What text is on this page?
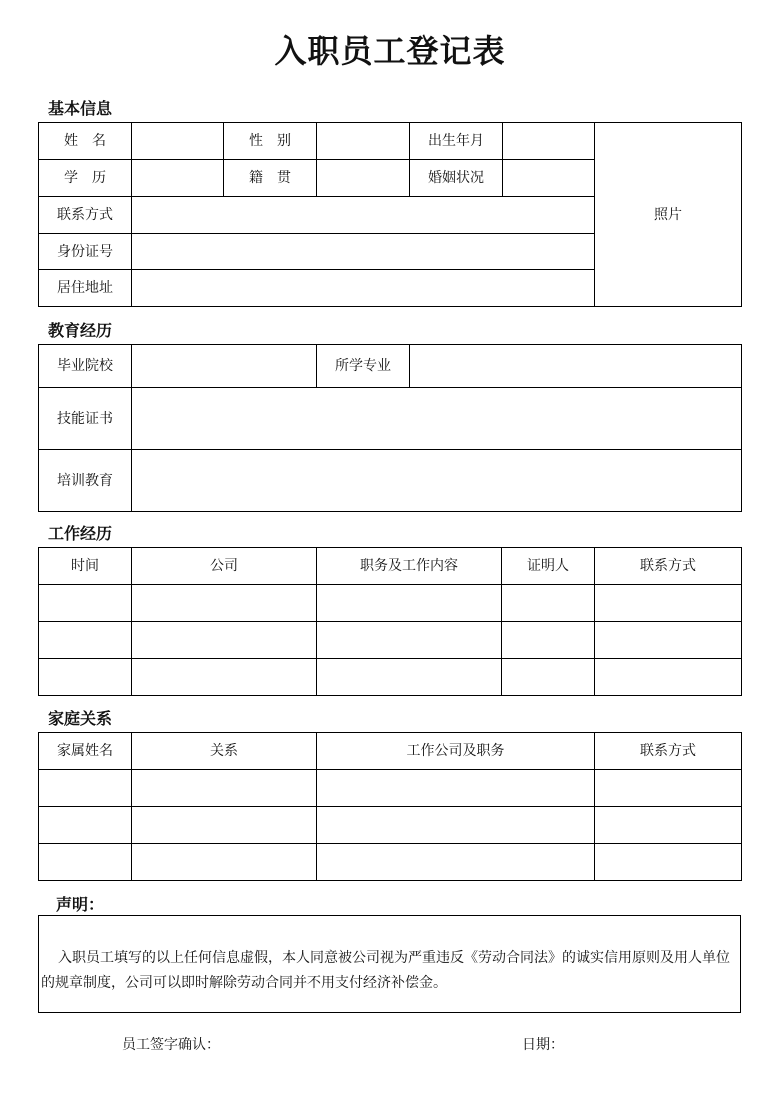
入职员工登记表
基本信息
姓　名		性　别		出生年月		照片
学　历		籍　贯		婚姻状况		
联系方式						
身份证号						
居住地址						
教育经历
毕业院校		所学专业	
技能证书			
培训教育			
工作经历
时间	公司	职务及工作内容	证明人	联系方式

家庭关系
家属姓名	关系	工作公司及职务	联系方式

声明：
入职员工填写的以上任何信息虚假，本人同意被公司视为严重违反《劳动合同法》的诚实信用原则及用人单位的规章制度，公司可以即时解除劳动合同并不用支付经济补偿金。
员工签字确认：	日期：
